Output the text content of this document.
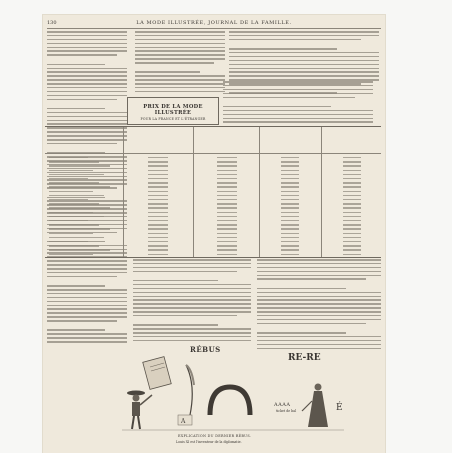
130	LA MODE ILLUSTRÉE, JOURNAL DE LA FAMILLE.
PRIX DE LA MODE ILLUSTRÉE
POUR LA FRANCE ET L'ÉTRANGER
RÉBUS
RE-RE
A
AAAA
ticket de bal	É
EXPLICATION DU DERNIER RÉBUS.
Louis XI est l'inventeur de la diplomatie.
